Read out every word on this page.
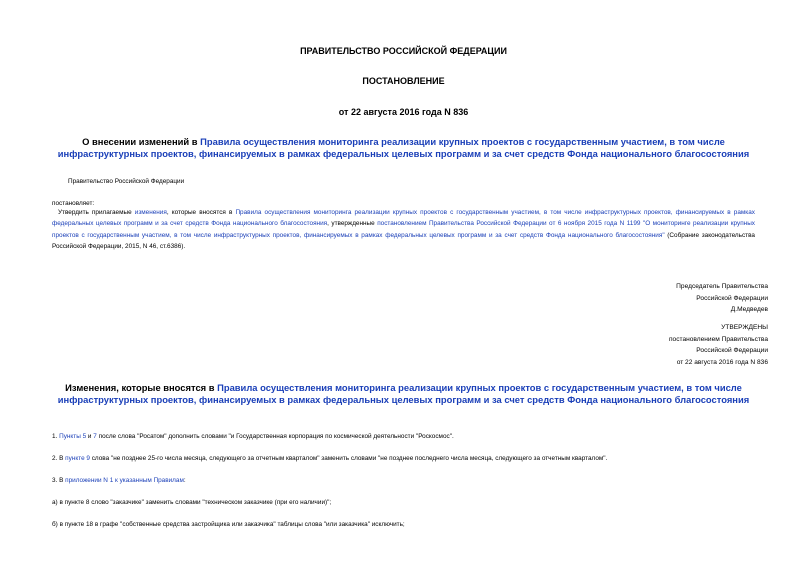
ПРАВИТЕЛЬСТВО РОССИЙСКОЙ ФЕДЕРАЦИИ
ПОСТАНОВЛЕНИЕ
от 22 августа 2016 года N 836
О внесении изменений в Правила осуществления мониторинга реализации крупных проектов с государственным участием, в том числе инфраструктурных проектов, финансируемых в рамках федеральных целевых программ и за счет средств Фонда национального благосостояния
Правительство Российской Федерации
постановляет:
Утвердить прилагаемые изменения, которые вносятся в Правила осуществления мониторинга реализации крупных проектов с государственным участием, в том числе инфраструктурных проектов, финансируемых в рамках федеральных целевых программ и за счет средств Фонда национального благосостояния, утвержденные постановлением Правительства Российской Федерации от 6 ноября 2015 года N 1199 "О мониторинге реализации крупных проектов с государственным участием, в том числе инфраструктурных проектов, финансируемых в рамках федеральных целевых программ и за счет средств Фонда национального благосостояния" (Собрание законодательства Российской Федерации, 2015, N 46, ст.6386).
Председатель Правительства
Российской Федерации
Д.Медведев
УТВЕРЖДЕНЫ
постановлением Правительства
Российской Федерации
от 22 августа 2016 года N 836
Изменения, которые вносятся в Правила осуществления мониторинга реализации крупных проектов с государственным участием, в том числе инфраструктурных проектов, финансируемых в рамках федеральных целевых программ и за счет средств Фонда национального благосостояния
1. Пункты 5 и 7 после слова "Росатом" дополнить словами "и Государственная корпорация по космической деятельности "Роскосмос".
2. В пункте 9 слова "не позднее 25-го числа месяца, следующего за отчетным кварталом" заменить словами "не позднее последнего числа месяца, следующего за отчетным кварталом".
3. В приложении N 1 к указанным Правилам:
а) в пункте 8 слово "заказчике" заменить словами "техническом заказчике (при его наличии)";
б) в пункте 18 в графе "собственные средства застройщика или заказчика" таблицы слова "или заказчика" исключить;
